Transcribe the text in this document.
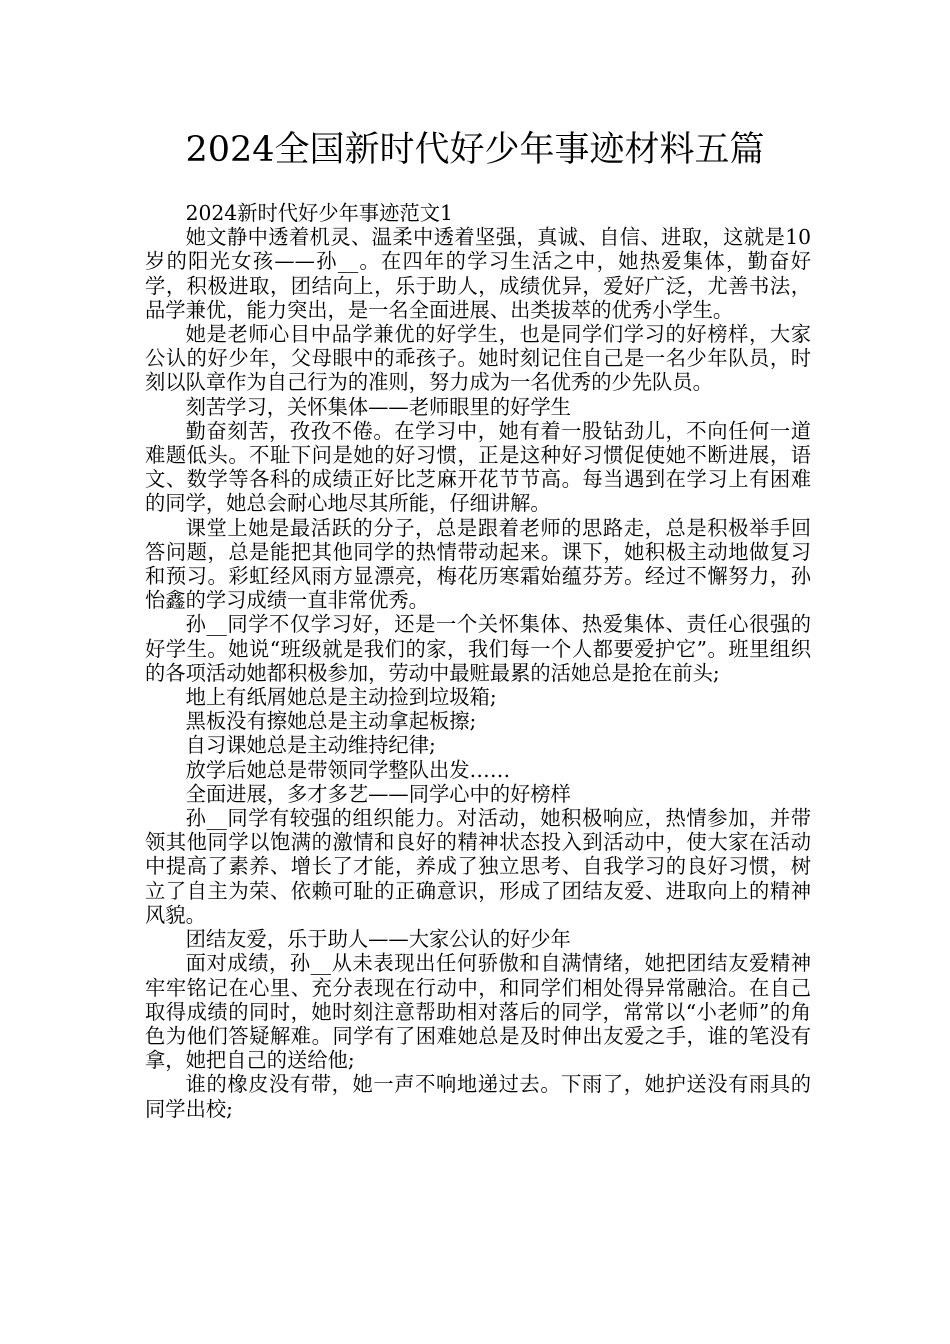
2024全国新时代好少年事迹材料五篇

2024新时代好少年事迹范文1

她文静中透着机灵、温柔中透着坚强，真诚、自信、进取，这就是10岁的阳光女孩——孙__。在四年的学习生活之中，她热爱集体，勤奋好学，积极进取，团结向上，乐于助人，成绩优异，爱好广泛，尤善书法，品学兼优，能力突出，是一名全面进展、出类拔萃的优秀小学生。

她是老师心目中品学兼优的好学生，也是同学们学习的好榜样，大家公认的好少年，父母眼中的乖孩子。她时刻记住自己是一名少年队员，时刻以队章作为自己行为的准则，努力成为一名优秀的少先队员。

刻苦学习，关怀集体——老师眼里的好学生

勤奋刻苦，孜孜不倦。在学习中，她有着一股钻劲儿，不向任何一道难题低头。不耻下问是她的好习惯，正是这种好习惯促使她不断进展，语文、数学等各科的成绩正好比芝麻开花节节高。每当遇到在学习上有困难的同学，她总会耐心地尽其所能，仔细讲解。

课堂上她是最活跃的分子，总是跟着老师的思路走，总是积极举手回答问题，总是能把其他同学的热情带动起来。课下，她积极主动地做复习和预习。彩虹经风雨方显漂亮，梅花历寒霜始蕴芬芳。经过不懈努力，孙怡鑫的学习成绩一直非常优秀。

孙__同学不仅学习好，还是一个关怀集体、热爱集体、责任心很强的好学生。她说“班级就是我们的家，我们每一个人都要爱护它”。班里组织的各项活动她都积极参加，劳动中最赃最累的活她总是抢在前头;

地上有纸屑她总是主动捡到垃圾箱;

黑板没有擦她总是主动拿起板擦;

自习课她总是主动维持纪律;

放学后她总是带领同学整队出发……

全面进展，多才多艺——同学心中的好榜样

孙__同学有较强的组织能力。对活动，她积极响应，热情参加，并带领其他同学以饱满的激情和良好的精神状态投入到活动中，使大家在活动中提高了素养、增长了才能，养成了独立思考、自我学习的良好习惯，树立了自主为荣、依赖可耻的正确意识，形成了团结友爱、进取向上的精神风貌。

团结友爱，乐于助人——大家公认的好少年

面对成绩，孙__从未表现出任何骄傲和自满情绪，她把团结友爱精神牢牢铭记在心里、充分表现在行动中，和同学们相处得异常融洽。在自己取得成绩的同时，她时刻注意帮助相对落后的同学，常常以“小老师”的角色为他们答疑解难。同学有了困难她总是及时伸出友爱之手，谁的笔没有拿，她把自己的送给他;

谁的橡皮没有带，她一声不响地递过去。下雨了，她护送没有雨具的同学出校;
